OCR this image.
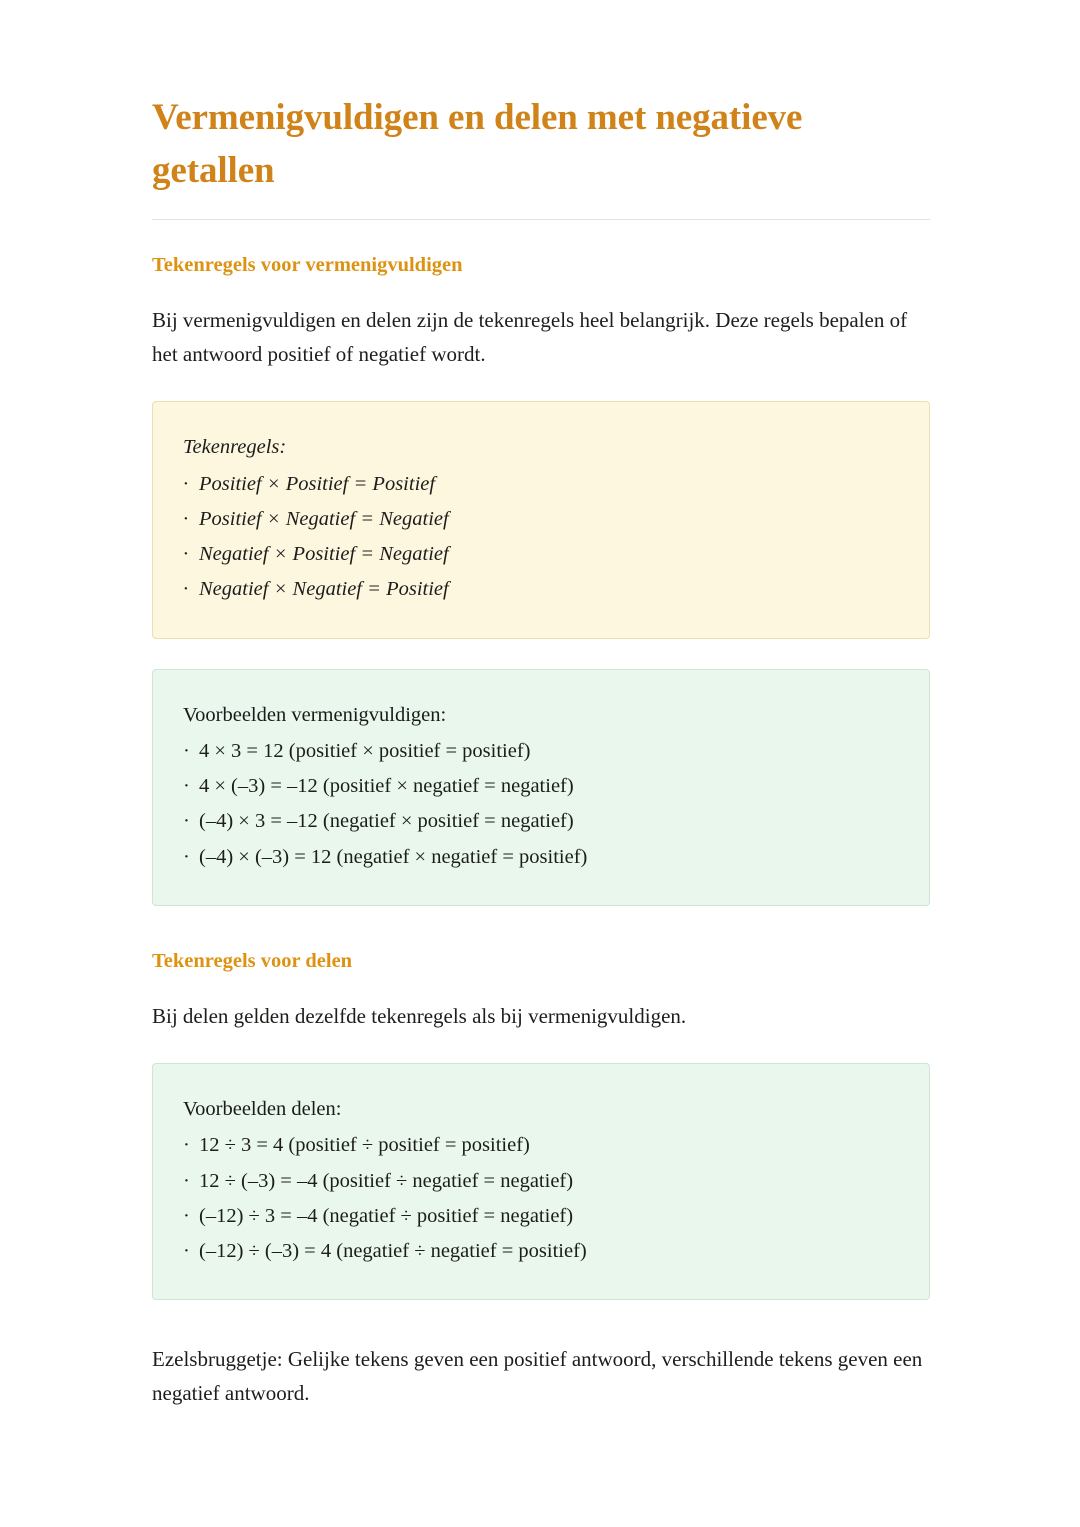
Vermenigvuldigen en delen met negatieve getallen
Tekenregels voor vermenigvuldigen

Bij vermenigvuldigen en delen zijn de tekenregels heel belangrijk. Deze regels bepalen of het antwoord positief of negatief wordt.

Tekenregels:

· Positief × Positief = Positief

· Positief × Negatief = Negatief

· Negatief × Positief = Negatief

· Negatief × Negatief = Positief

Voorbeelden vermenigvuldigen:

· 4 × 3 = 12 (positief × positief = positief)

· 4 × (–3) = –12 (positief × negatief = negatief)

· (–4) × 3 = –12 (negatief × positief = negatief)

· (–4) × (–3) = 12 (negatief × negatief = positief)

Tekenregels voor delen

Bij delen gelden dezelfde tekenregels als bij vermenigvuldigen.

Voorbeelden delen:

· 12 ÷ 3 = 4 (positief ÷ positief = positief)

· 12 ÷ (–3) = –4 (positief ÷ negatief = negatief)

· (–12) ÷ 3 = –4 (negatief ÷ positief = negatief)

· (–12) ÷ (–3) = 4 (negatief ÷ negatief = positief)

Ezelsbruggetje: Gelijke tekens geven een positief antwoord, verschillende tekens geven een negatief antwoord.
